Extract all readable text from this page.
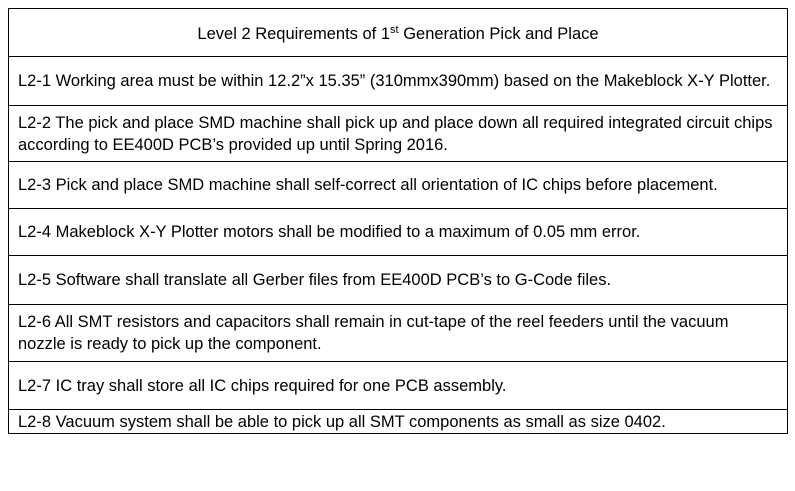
Level 2 Requirements of 1st Generation Pick and Place
L2-1 Working area must be within 12.2”x 15.35” (310mmx390mm) based on the Makeblock X-Y Plotter.
L2-2 The pick and place SMD machine shall pick up and place down all required integrated circuit chips according to EE400D PCB’s provided up until Spring 2016.
L2-3 Pick and place SMD machine shall self-correct all orientation of IC chips before placement.
L2-4 Makeblock X-Y Plotter motors shall be modified to a maximum of 0.05 mm error.
L2-5 Software shall translate all Gerber files from EE400D PCB’s to G-Code files.
L2-6 All SMT resistors and capacitors shall remain in cut-tape of the reel feeders until the vacuum nozzle is ready to pick up the component.
L2-7 IC tray shall store all IC chips required for one PCB assembly.
L2-8 Vacuum system shall be able to pick up all SMT components as small as size 0402.
